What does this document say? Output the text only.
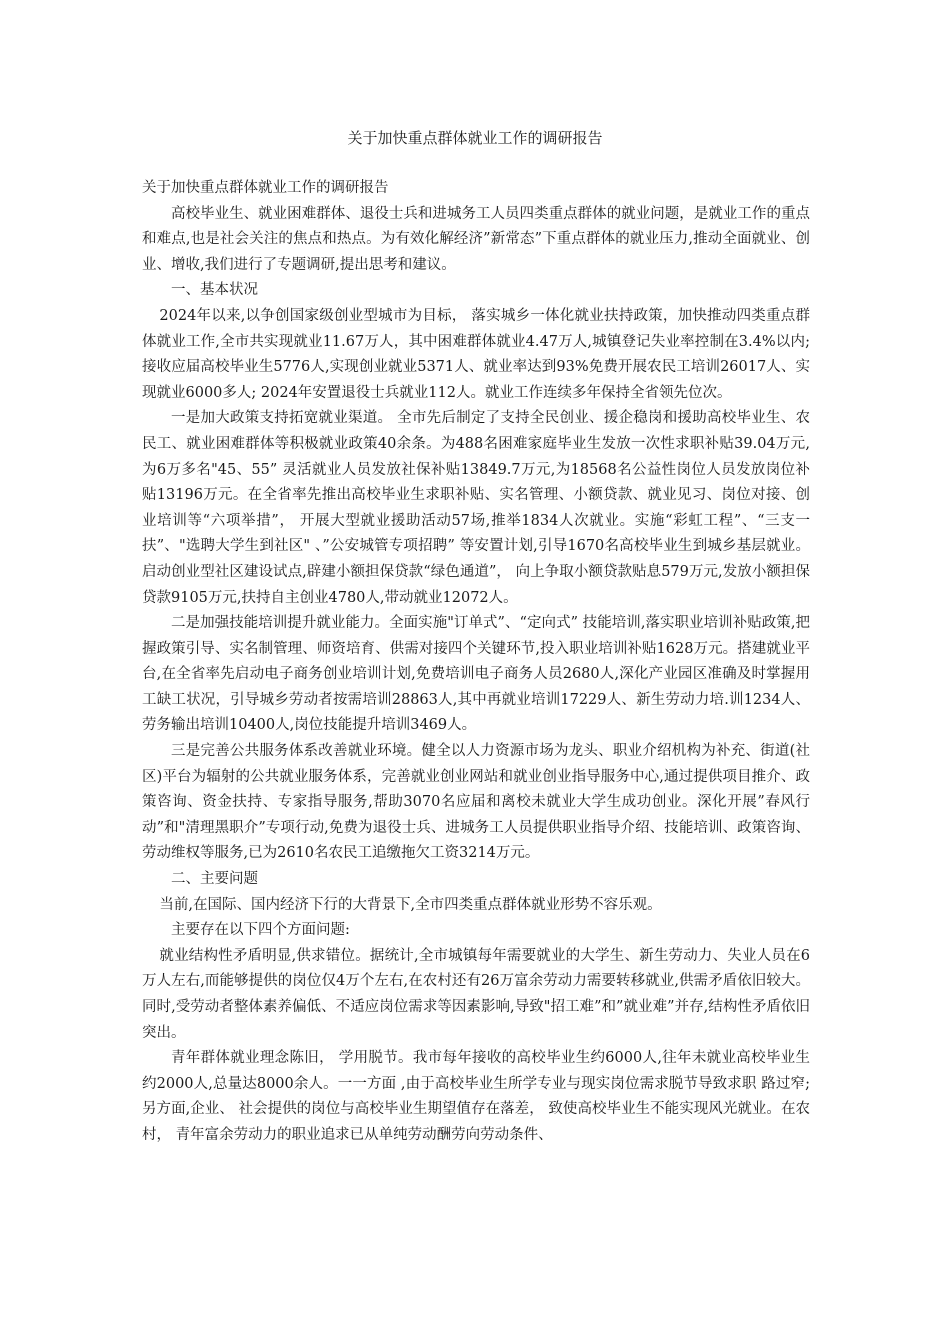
关于加快重点群体就业工作的调研报告

关于加快重点群体就业工作的调研报告

高校毕业生、就业困难群体、退役士兵和进城务工人员四类重点群体的就业问题，是就业工作的重点和难点,也是社会关注的焦点和热点。为有效化解经济”新常态”下重点群体的就业压力,推动全面就业、创业、增收,我们进行了专题调研,提出思考和建议。

一、基本状况

2024年以来,以争创国家级创业型城市为目标， 落实城乡一体化就业扶持政策，加快推动四类重点群体就业工作,全市共实现就业11.67万人，其中困难群体就业4.47万人,城镇登记失业率控制在3.4%以内;接收应届高校毕业生5776人,实现创业就业5371人、就业率达到93%免费开展农民工培训26017人、实现就业6000多人; 2024年安置退役士兵就业112人。就业工作连续多年保持全省领先位次。

一是加大政策支持拓宽就业渠道。 全市先后制定了支持全民创业、援企稳岗和援助高校毕业生、农民工、就业困难群体等积极就业政策40余条。为488名困难家庭毕业生发放一次性求职补贴39.04万元,为6万多名"45、55” 灵活就业人员发放社保补贴13849.7万元,为18568名公益性岗位人员发放岗位补贴13196万元。在全省率先推出高校毕业生求职补贴、实名管理、小额贷款、就业见习、岗位对接、创业培训等“六项举措”， 开展大型就业援助活动57场,推举1834人次就业。实施“彩虹工程”、“三支一扶”、"选聘大学生到社区" 、”公安城管专项招聘” 等安置计划,引导1670名高校毕业生到城乡基层就业。启动创业型社区建设试点,辟建小额担保贷款“绿色通道”， 向上争取小额贷款贴息579万元,发放小额担保贷款9105万元,扶持自主创业4780人,带动就业12072人。

二是加强技能培训提升就业能力。全面实施"订单式”、“定向式” 技能培训,落实职业培训补贴政策,把握政策引导、实名制管理、师资培育、供需对接四个关键环节,投入职业培训补贴1628万元。搭建就业平台,在全省率先启动电子商务创业培训计划,免费培训电子商务人员2680人,深化产业园区准确及时掌握用工缺工状况，引导城乡劳动者按需培训28863人,其中再就业培训17229人、新生劳动力培.训1234人、劳务输出培训10400人,岗位技能提升培训3469人。

三是完善公共服务体系改善就业环境。健全以人力资源市场为龙头、职业介绍机构为补充、街道(社区)平台为辐射的公共就业服务体系，完善就业创业网站和就业创业指导服务中心,通过提供项目推介、政策咨询、资金扶持、专家指导服务,帮助3070名应届和离校未就业大学生成功创业。深化开展”春风行动”和"清理黑职介”专项行动,免费为退役士兵、进城务工人员提供职业指导介绍、技能培训、政策咨询、劳动维权等服务,已为2610名农民工追缴拖欠工资3214万元。

二、主要问题

当前,在国际、国内经济下行的大背景下,全市四类重点群体就业形势不容乐观。

主要存在以下四个方面问题:

就业结构性矛盾明显,供求错位。据统计,全市城镇每年需要就业的大学生、新生劳动力、失业人员在6万人左右,而能够提供的岗位仅4万个左右,在农村还有26万富余劳动力需要转移就业,供需矛盾依旧较大。同时,受劳动者整体素养偏低、不适应岗位需求等因素影响,导致"招工难”和”就业难”并存,结构性矛盾依旧突出。

青年群体就业理念陈旧， 学用脱节。我市每年接收的高校毕业生约6000人,往年未就业高校毕业生约2000人,总量达8000余人。一一方面 ,由于高校毕业生所学专业与现实岗位需求脱节导致求职 路过窄;另方面,企业、 社会提供的岗位与高校毕业生期望值存在落差， 致使高校毕业生不能实现风光就业。在农村， 青年富余劳动力的职业追求已从单纯劳动酬劳向劳动条件、
